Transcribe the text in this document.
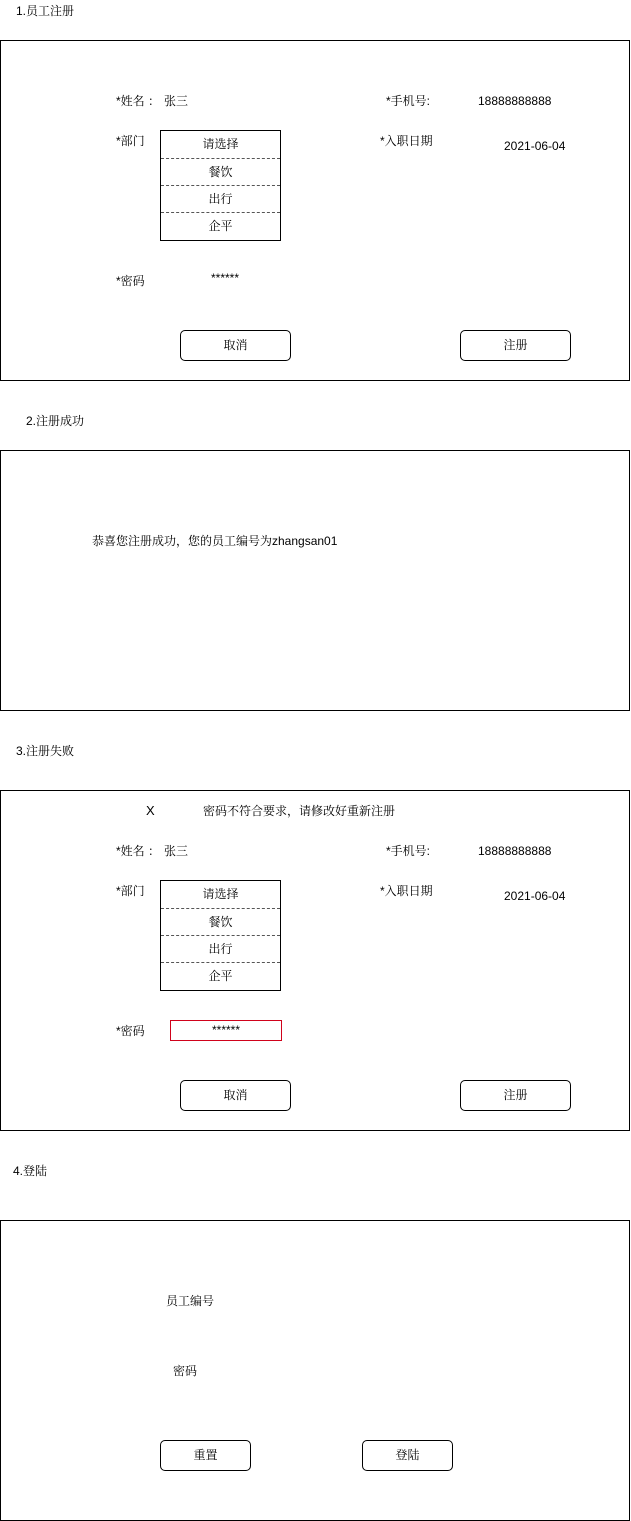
1.员工注册
*姓名 ： 张三	*手机号:	18888888888
*部门	请选择
餐饮
出行
企平
*入职日期	2021-06-04
*密码	******
取消	注册
2.注册成功
恭喜您注册成功，您的员工编号为zhangsan01
3.注册失败
X	密码不符合要求，请修改好重新注册
*姓名 ： 张三	*手机号:	18888888888
*部门	请选择
餐饮
出行
企平
*入职日期	2021-06-04
*密码	******
取消	注册
4.登陆
员工编号
密码
重置	登陆
